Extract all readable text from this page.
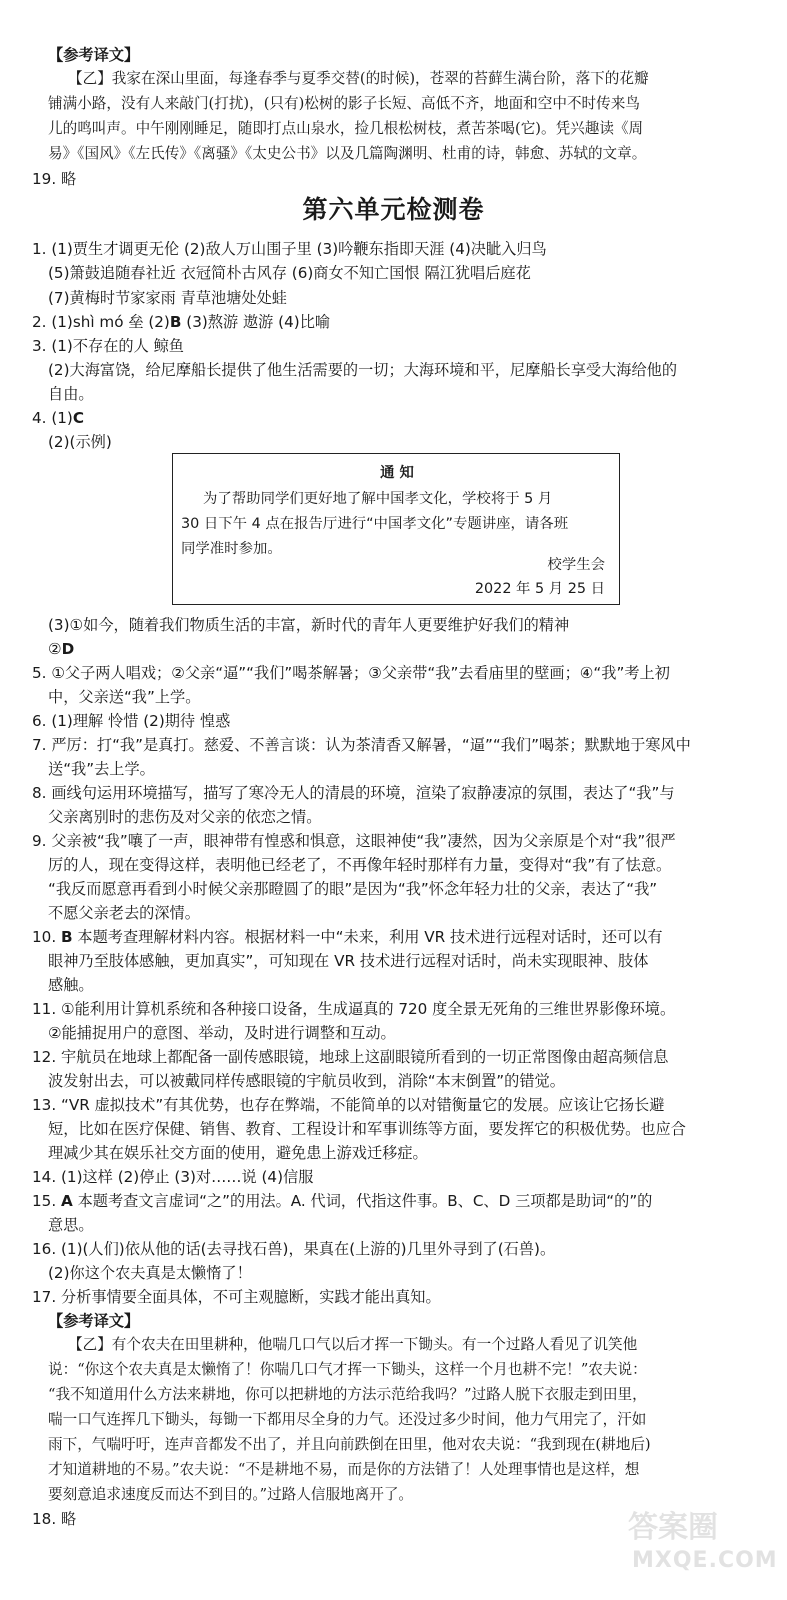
【参考译文】
【乙】我家在深山里面，每逢春季与夏季交替(的时候)，苍翠的苔藓生满台阶，落下的花瓣
铺满小路，没有人来敲门(打扰)，(只有)松树的影子长短、高低不齐，地面和空中不时传来鸟
儿的鸣叫声。中午刚刚睡足，随即打点山泉水，捡几根松树枝，煮苦茶喝(它)。凭兴趣读《周
易》《国风》《左氏传》《离骚》《太史公书》以及几篇陶渊明、杜甫的诗，韩愈、苏轼的文章。
19. 略
第六单元检测卷
1. (1)贾生才调更无伦 (2)敌人万山围子里 (3)吟鞭东指即天涯 (4)决眦入归鸟
(5)箫鼓追随春社近 衣冠简朴古风存 (6)商女不知亡国恨 隔江犹唱后庭花
(7)黄梅时节家家雨 青草池塘处处蛙
2. (1)shì mó 垒 (2)B (3)熬游 遨游 (4)比喻
3. (1)不存在的人 鲸鱼
(2)大海富饶，给尼摩船长提供了他生活需要的一切；大海环境和平，尼摩船长享受大海给他的
自由。
4. (1)C
(2)(示例)
通 知
为了帮助同学们更好地了解中国孝文化，学校将于 5 月
30 日下午 4 点在报告厅进行“中国孝文化”专题讲座，请各班
同学准时参加。
校学生会
2022 年 5 月 25 日
(3)①如今，随着我们物质生活的丰富，新时代的青年人更要维护好我们的精神
②D
5. ①父子两人唱戏；②父亲“逼”“我们”喝茶解暑；③父亲带“我”去看庙里的壁画；④“我”考上初
中，父亲送“我”上学。
6. (1)理解 怜惜 (2)期待 惶惑
7. 严厉：打“我”是真打。慈爱、不善言谈：认为茶清香又解暑，“逼”“我们”喝茶；默默地于寒风中
送“我”去上学。
8. 画线句运用环境描写，描写了寒冷无人的清晨的环境，渲染了寂静凄凉的氛围，表达了“我”与
父亲离别时的悲伤及对父亲的依恋之情。
9. 父亲被“我”嚷了一声，眼神带有惶惑和惧意，这眼神使“我”凄然，因为父亲原是个对“我”很严
厉的人，现在变得这样，表明他已经老了，不再像年轻时那样有力量，变得对“我”有了怯意。
“我反而愿意再看到小时候父亲那瞪圆了的眼”是因为“我”怀念年轻力壮的父亲，表达了“我”
不愿父亲老去的深情。
10. B 本题考查理解材料内容。根据材料一中“未来，利用 VR 技术进行远程对话时，还可以有
眼神乃至肢体感触，更加真实”，可知现在 VR 技术进行远程对话时，尚未实现眼神、肢体
感触。
11. ①能利用计算机系统和各种接口设备，生成逼真的 720 度全景无死角的三维世界影像环境。
②能捕捉用户的意图、举动，及时进行调整和互动。
12. 宇航员在地球上都配备一副传感眼镜，地球上这副眼镜所看到的一切正常图像由超高频信息
波发射出去，可以被戴同样传感眼镜的宇航员收到，消除“本末倒置”的错觉。
13. “VR 虚拟技术”有其优势，也存在弊端，不能简单的以对错衡量它的发展。应该让它扬长避
短，比如在医疗保健、销售、教育、工程设计和军事训练等方面，要发挥它的积极优势。也应合
理减少其在娱乐社交方面的使用，避免患上游戏迁移症。
14. (1)这样 (2)停止 (3)对……说 (4)信服
15. A 本题考查文言虚词“之”的用法。A. 代词，代指这件事。B、C、D 三项都是助词“的”的
意思。
16. (1)(人们)依从他的话(去寻找石兽)，果真在(上游的)几里外寻到了(石兽)。
(2)你这个农夫真是太懒惰了！
17. 分析事情要全面具体，不可主观臆断，实践才能出真知。
【参考译文】
【乙】有个农夫在田里耕种，他喘几口气以后才挥一下锄头。有一个过路人看见了讥笑他
说：“你这个农夫真是太懒惰了！你喘几口气才挥一下锄头，这样一个月也耕不完！”农夫说：
“我不知道用什么方法来耕地，你可以把耕地的方法示范给我吗？”过路人脱下衣服走到田里，
喘一口气连挥几下锄头，每锄一下都用尽全身的力气。还没过多少时间，他力气用完了，汗如
雨下，气喘吁吁，连声音都发不出了，并且向前跌倒在田里，他对农夫说：“我到现在(耕地后)
才知道耕地的不易。”农夫说：“不是耕地不易，而是你的方法错了！人处理事情也是这样，想
要刻意追求速度反而达不到目的。”过路人信服地离开了。
18. 略	答案圈
MXQE.COM
